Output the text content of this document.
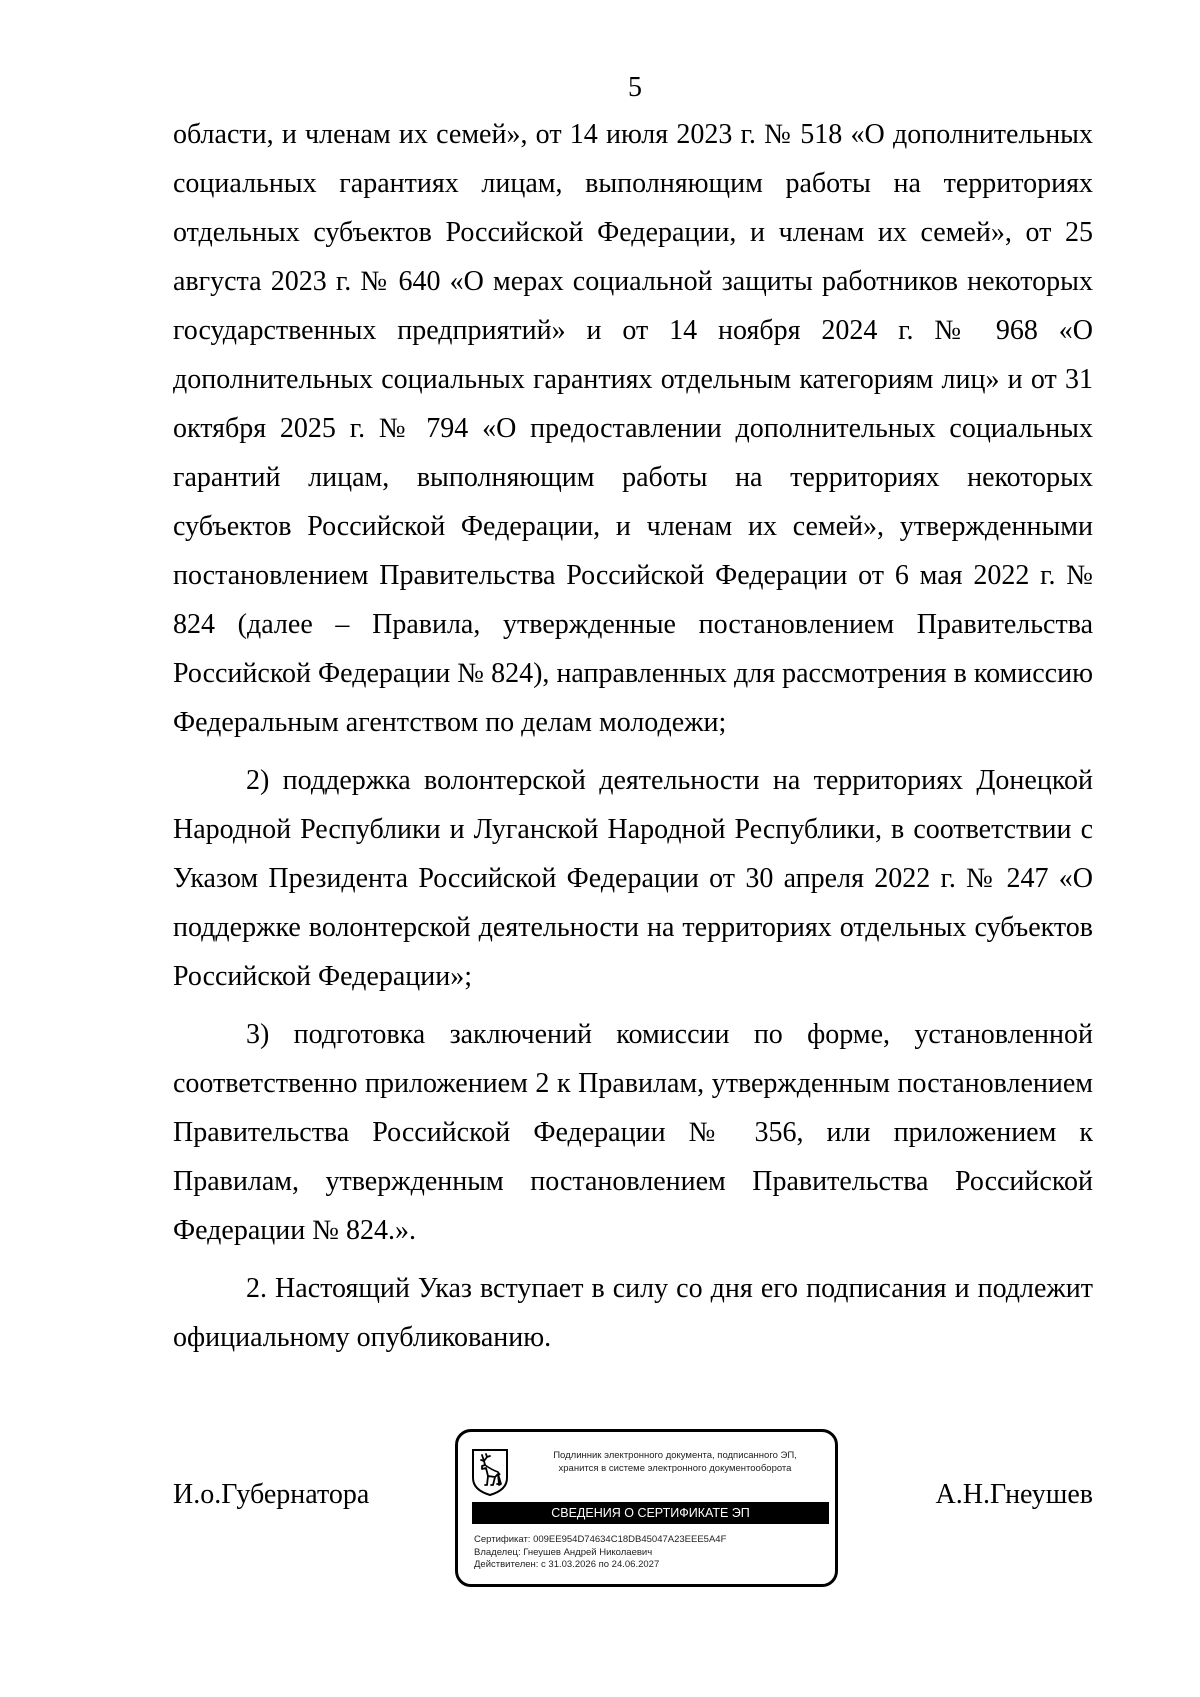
5

области, и членам их семей», от 14 июля 2023 г. № 518 «О дополнительных социальных гарантиях лицам, выполняющим работы на территориях отдельных субъектов Российской Федерации, и членам их семей», от 25 августа 2023 г. № 640 «О мерах социальной защиты работников некоторых государственных предприятий» и от 14 ноября 2024 г. № 968 «О дополнительных социальных гарантиях отдельным категориям лиц» и от 31 октября 2025 г. № 794 «О предоставлении дополнительных социальных гарантий лицам, выполняющим работы на территориях некоторых субъектов Российской Федерации, и членам их семей», утвержденными постановлением Правительства Российской Федерации от 6 мая 2022 г. № 824 (далее – Правила, утвержденные постановлением Правительства Российской Федерации № 824), направленных для рассмотрения в комиссию Федеральным агентством по делам молодежи;

2) поддержка волонтерской деятельности на территориях Донецкой Народной Республики и Луганской Народной Республики, в соответствии с Указом Президента Российской Федерации от 30 апреля 2022 г. № 247 «О поддержке волонтерской деятельности на территориях отдельных субъектов Российской Федерации»;

3) подготовка заключений комиссии по форме, установленной соответственно приложением 2 к Правилам, утвержденным постановлением Правительства Российской Федерации № 356, или приложением к Правилам, утвержденным постановлением Правительства Российской Федерации № 824.».

2. Настоящий Указ вступает в силу со дня его подписания и подлежит официальному опубликованию.

И.о.Губернатора	А.Н.Гнеушев
Подлинник электронного документа, подписанного ЭП,
хранится в системе электронного документооборота
СВЕДЕНИЯ О СЕРТИФИКАТЕ ЭП
Сертификат: 009EE954D74634C18DB45047A23EEE5A4F
Владелец: Гнеушев Андрей Николаевич
Действителен: с 31.03.2026 по 24.06.2027
